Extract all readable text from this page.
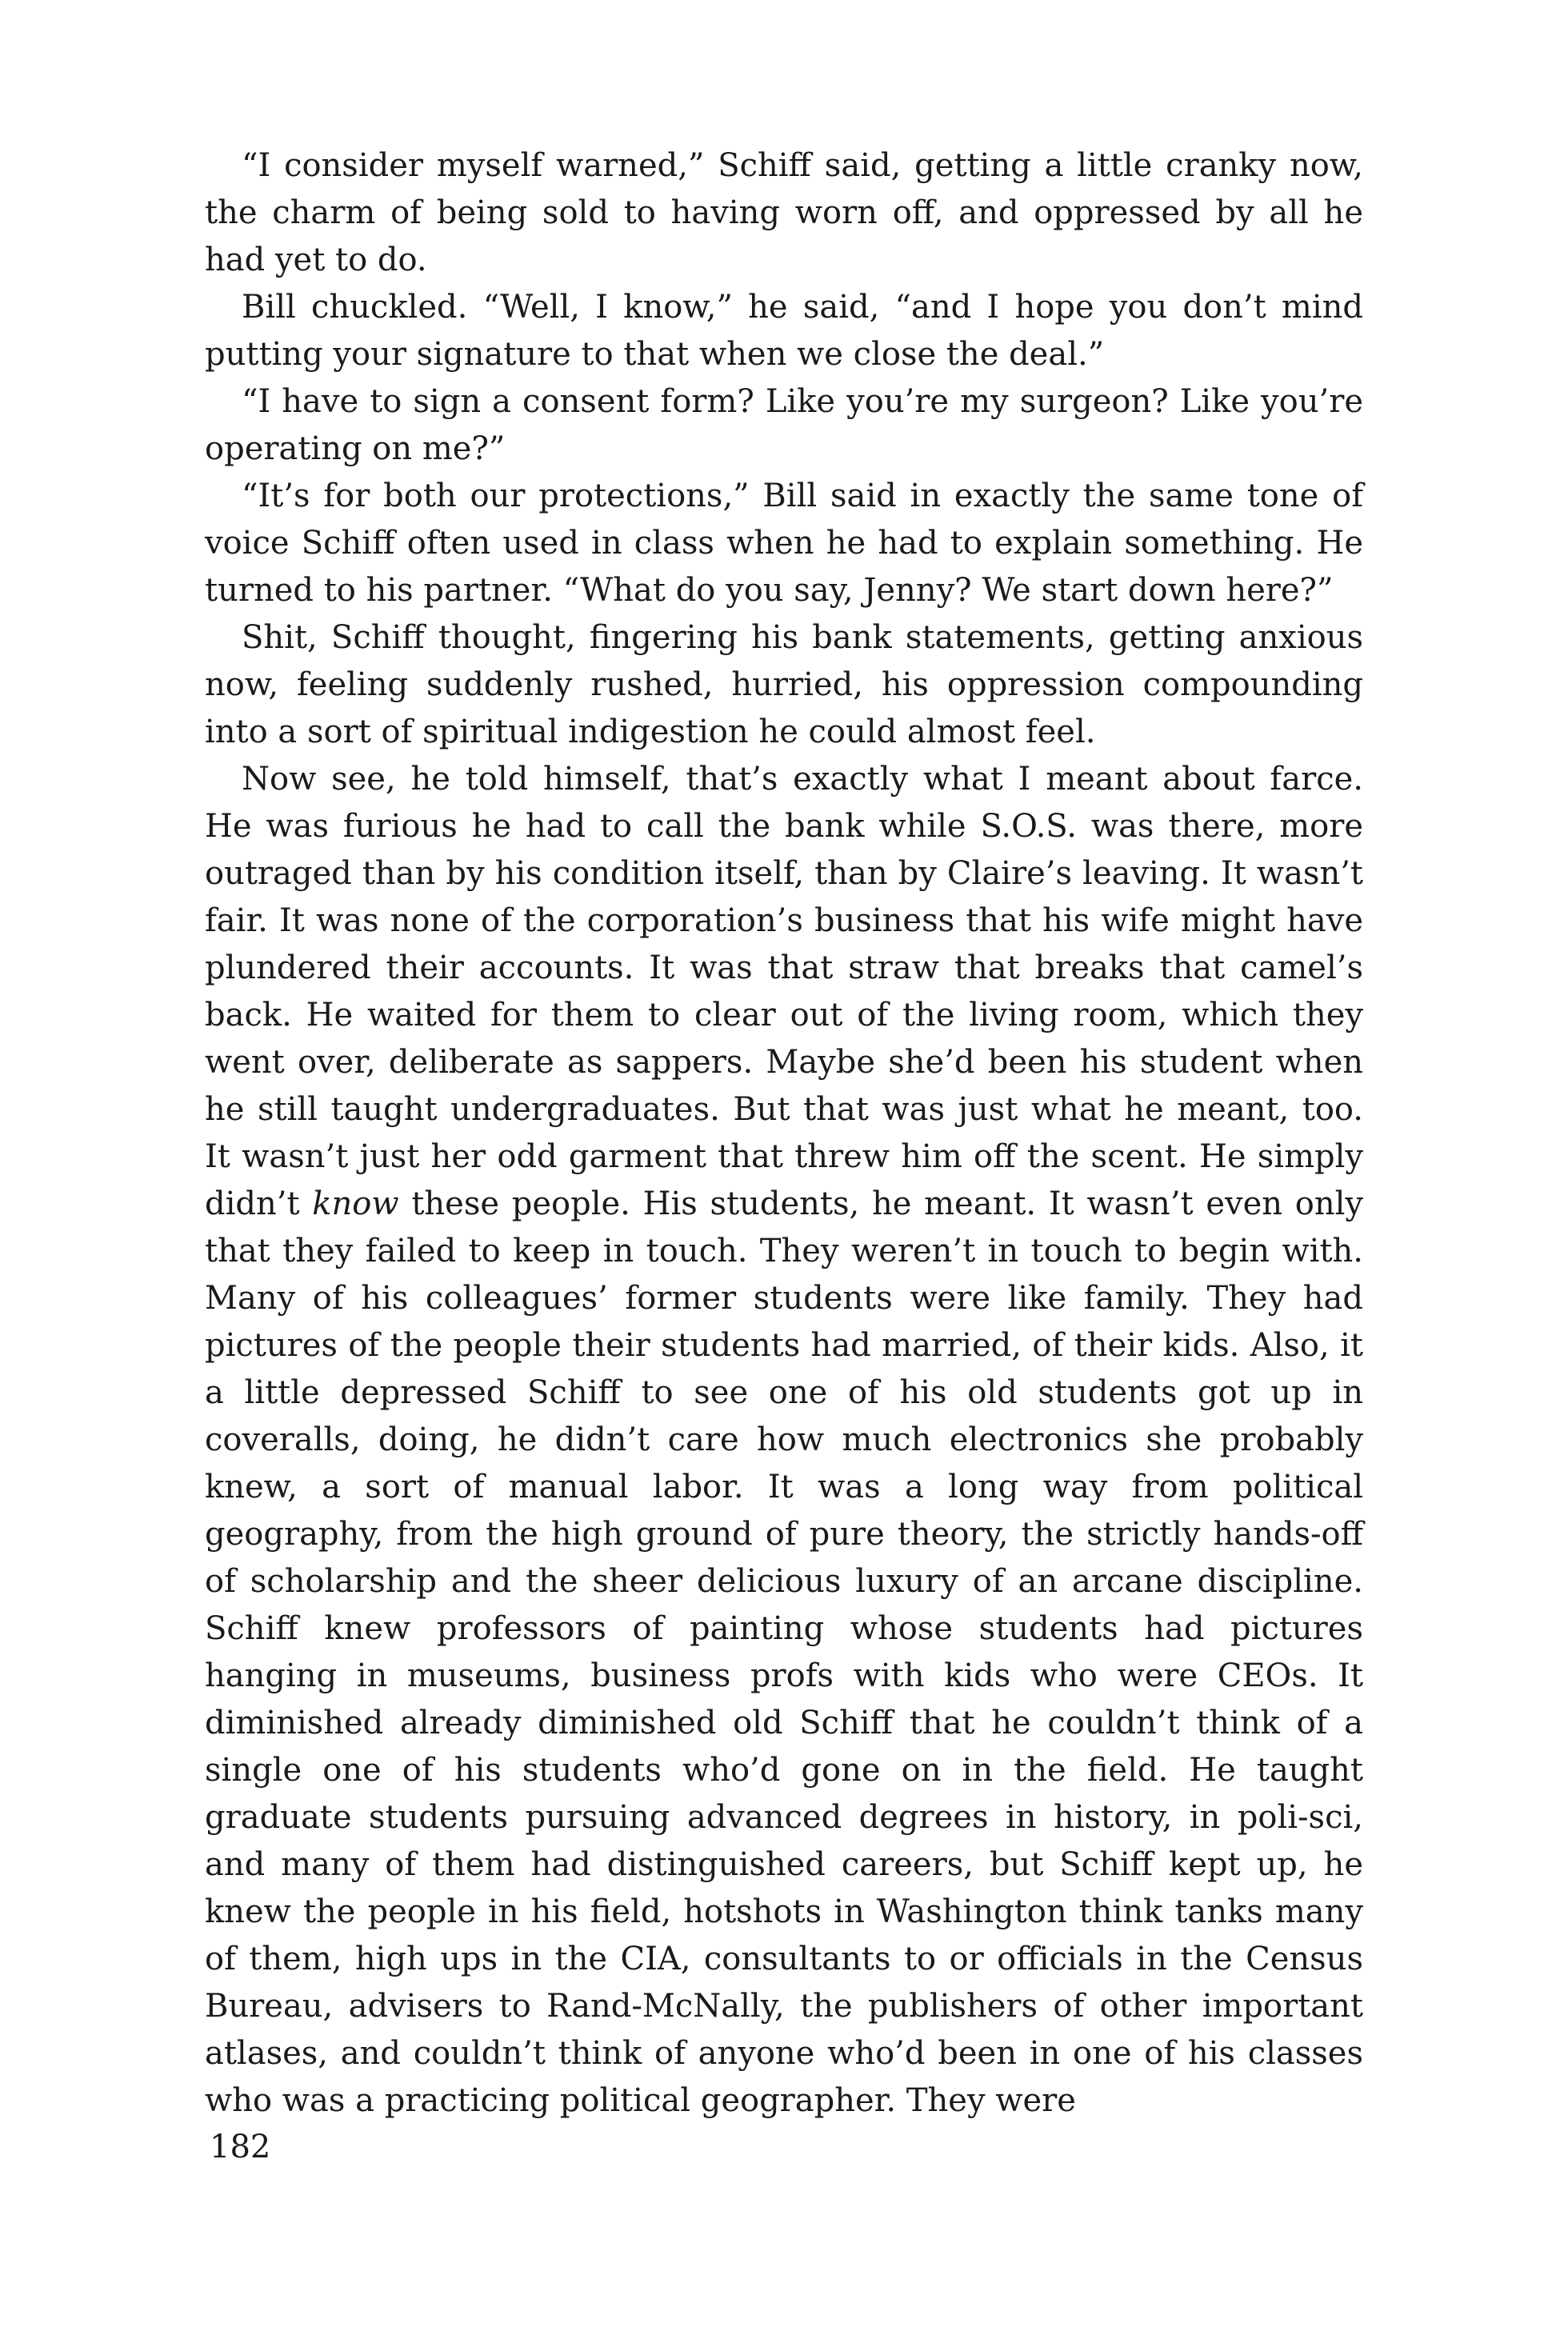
“I consider myself warned,” Schiff said, getting a little cranky now, the charm of being sold to having worn off, and oppressed by all he had yet to do.

Bill chuckled. “Well, I know,” he said, “and I hope you don’t mind putting your signature to that when we close the deal.”

“I have to sign a consent form? Like you’re my surgeon? Like you’re operating on me?”

“It’s for both our protections,” Bill said in exactly the same tone of voice Schiff often used in class when he had to explain something. He turned to his partner. “What do you say, Jenny? We start down here?”

Shit, Schiff thought, fingering his bank statements, getting anxious now, feeling suddenly rushed, hurried, his oppression compounding into a sort of spiritual indigestion he could almost feel.

Now see, he told himself, that’s exactly what I meant about farce. He was furious he had to call the bank while S.O.S. was there, more outraged than by his condition itself, than by Claire’s leaving. It wasn’t fair. It was none of the corporation’s business that his wife might have plundered their accounts. It was that straw that breaks that camel’s back. He waited for them to clear out of the living room, which they went over, deliberate as sappers. Maybe she’d been his student when he still taught undergraduates. But that was just what he meant, too. It wasn’t just her odd garment that threw him off the scent. He simply didn’t know these people. His students, he meant. It wasn’t even only that they failed to keep in touch. They weren’t in touch to begin with. Many of his colleagues’ former students were like family. They had pictures of the people their students had married, of their kids. Also, it a little depressed Schiff to see one of his old students got up in coveralls, doing, he didn’t care how much electronics she probably knew, a sort of manual labor. It was a long way from political geography, from the high ground of pure theory, the strictly hands-off of scholarship and the sheer delicious luxury of an arcane discipline. Schiff knew professors of painting whose students had pictures hanging in museums, business profs with kids who were CEOs. It diminished already diminished old Schiff that he couldn’t think of a single one of his students who’d gone on in the field. He taught graduate students pursuing advanced degrees in history, in poli-sci, and many of them had distinguished careers, but Schiff kept up, he knew the people in his field, hotshots in Washington think tanks many of them, high ups in the CIA, consultants to or officials in the Census Bureau, advisers to Rand-McNally, the publishers of other important atlases, and couldn’t think of anyone who’d been in one of his classes who was a practicing political geographer. They were

182
